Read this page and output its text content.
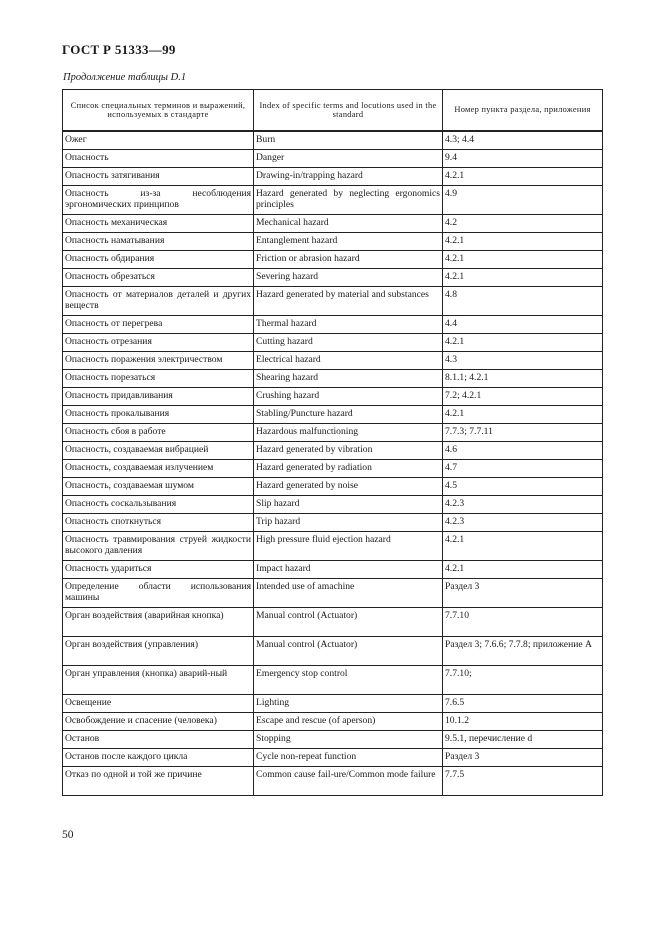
ГОСТ Р 51333—99
Продолжение таблицы D.1
Список специальных терминов и выражений, используемых в стандарте	Index of specific terms and locutions used in the standard	Номер пункта раздела, приложения
Ожег	Burn	4.3; 4.4
Опасность	Danger	9.4
Опасность затягивания	Drawing-in/trapping hazard	4.2.1
Опасность из-за несоблюдения эргономических принципов	Hazard generated by neglecting ergonomics principles	4.9
Опасность механическая	Mechanical hazard	4.2
Опасность наматывания	Entanglement hazard	4.2.1
Опасность обдирания	Friction or abrasion hazard	4.2.1
Опасность обрезаться	Severing hazard	4.2.1
Опасность от материалов деталей и других веществ	Hazard generated by material and substances	4.8
Опасность от перегрева	Thermal hazard	4.4
Опасность отрезания	Cutting hazard	4.2.1
Опасность поражения электричеством	Electrical hazard	4.3
Опасность порезаться	Shearing hazard	8.1.1; 4.2.1
Опасность придавливания	Crushing hazard	7.2; 4.2.1
Опасность прокалывания	Stabling/Puncture hazard	4.2.1
Опасность сбоя в работе	Hazardous malfunctioning	7.7.3; 7.7.11
Опасность, создаваемая вибрацией	Hazard generated by vibration	4.6
Опасность, создаваемая излучением	Hazard generated by radiation	4.7
Опасность, создаваемая шумом	Hazard generated by noise	4.5
Опасность соскальзывания	Slip hazard	4.2.3
Опасность споткнуться	Trip hazard	4.2.3
Опасность травмирования струей жидкости высокого давления	High pressure fluid ejection hazard	4.2.1
Опасность удариться	Impact hazard	4.2.1
Определение области использования машины	Intended use of amachine	Раздел 3
Орган воздействия (аварийная кнопка)	Manual control (Actuator)	7.7.10
Орган воздействия (управления)	Manual control (Actuator)	Раздел 3; 7.6.6; 7.7.8; приложение А
Орган управления (кнопка) аварий-ный	Emergency stop control	7.7.10;
Освещение	Lighting	7.6.5
Освобождение и спасение (человека)	Escape and rescue (of aperson)	10.1.2
Останов	Stopping	9.5.1, перечисление d
Останов после каждого цикла	Cycle non-repeat function	Раздел 3
Отказ по одной и той же причине	Common cause fail-ure/Common mode failure	7.7.5
50
